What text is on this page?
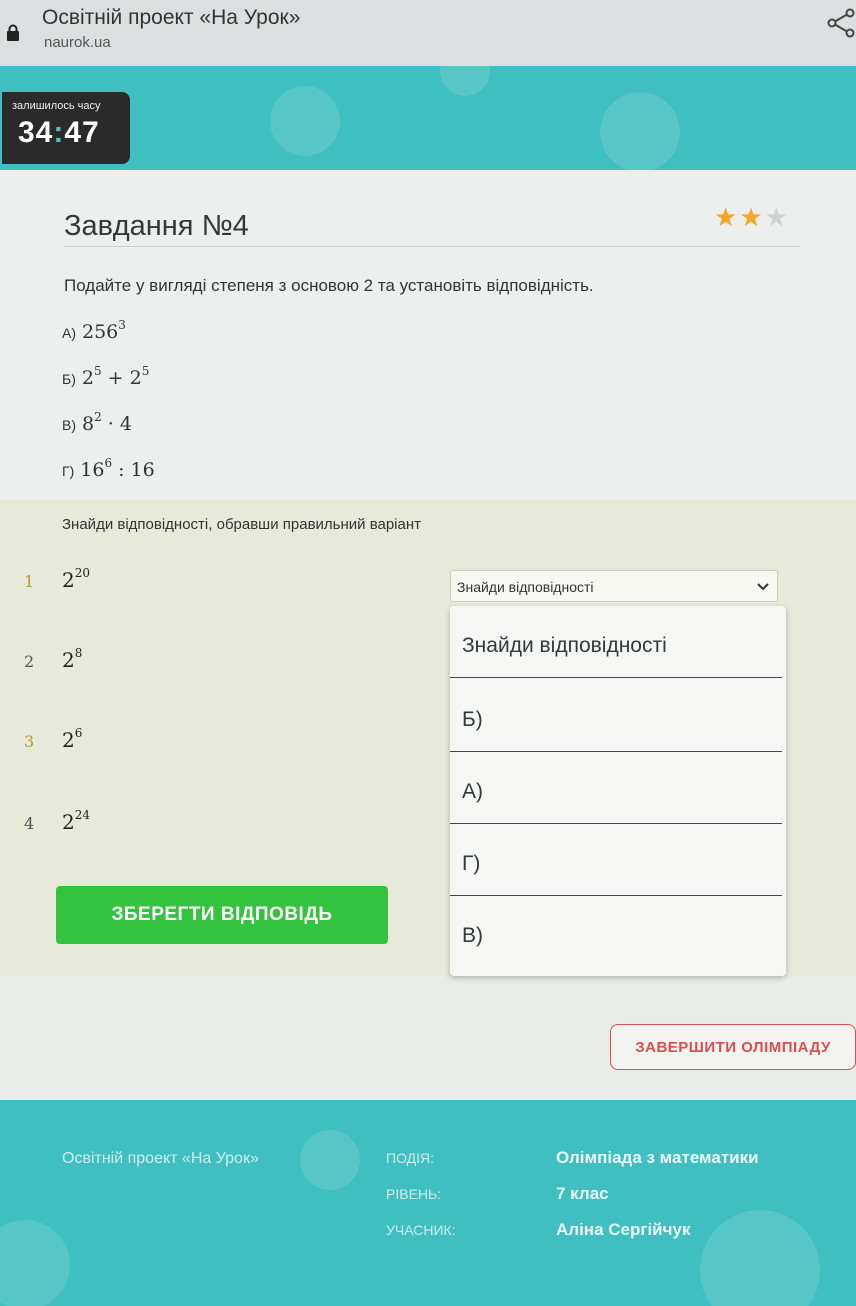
Освітній проект «На Урок»
naurok.ua
залишилось часу
34:47
Завдання №4	★★★
Подайте у вигляді степеня з основою 2 та установіть відповідність.
А) $256^3$
Б) $2^5 + 2^5$
В) $8^2 \cdot 4$
Г) $16^6$ : 16
Знайди відповідності, обравши правильний варіант
1 $2^{20}$
2 $2^8$
3 $2^6$
4 $2^{24}$
Знайди відповідності
Знайди відповідності
Б)
А)
Г)
В)
ЗБЕРЕГТИ ВІДПОВІДЬ
ЗАВЕРШИТИ ОЛІМПІАДУ
Освітній проект «На Урок»	ПОДІЯ:	Олімпіада з математики
РІВЕНЬ:	7 клас
УЧАСНИК:	Аліна Сергійчук
